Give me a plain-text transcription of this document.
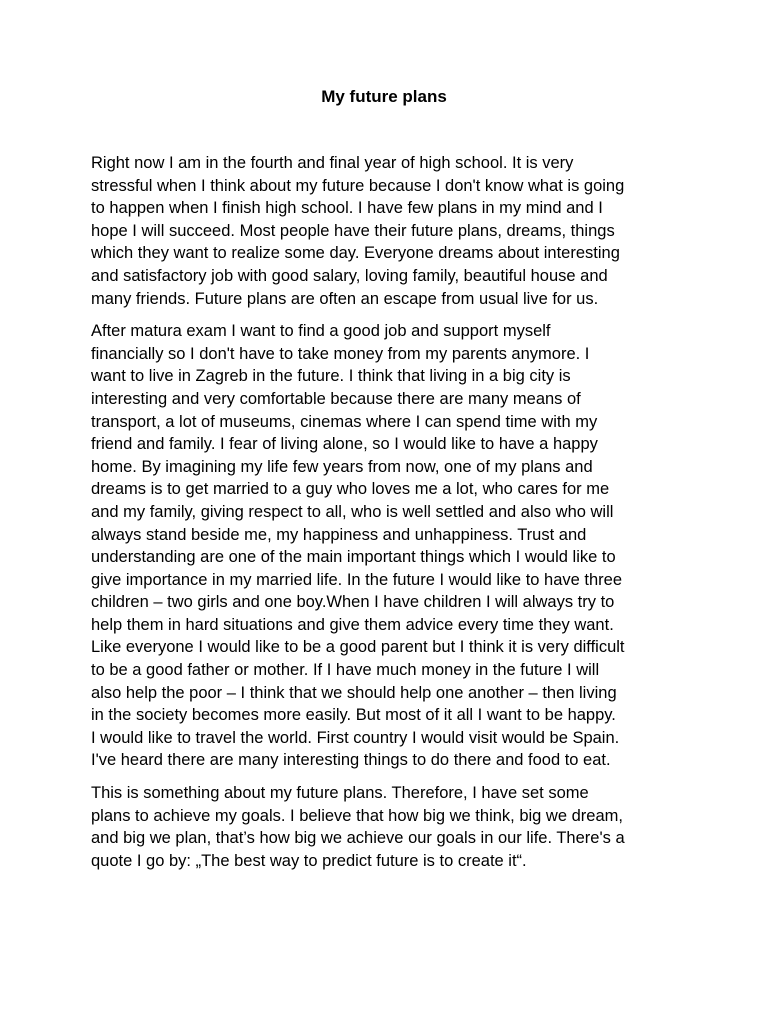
My future plans
Right now I am in the fourth and final year of high school. It is very
stressful when I think about my future because I don't know what is going
to happen when I finish high school. I have few plans in my mind and I
hope I will succeed. Most people have their future plans, dreams, things
which they want to realize some day. Everyone dreams about interesting
and satisfactory job with good salary, loving family, beautiful house and
many friends. Future plans are often an escape from usual live for us.
After matura exam I want to find a good job and support myself
financially so I don't have to take money from my parents anymore. I
want to live in Zagreb in the future. I think that living in a big city is
interesting and very comfortable because there are many means of
transport, a lot of museums, cinemas where I can spend time with my
friend and family. I fear of living alone, so I would like to have a happy
home. By imagining my life few years from now, one of my plans and
dreams is to get married to a guy who loves me a lot, who cares for me
and my family, giving respect to all, who is well settled and also who will
always stand beside me, my happiness and unhappiness. Trust and
understanding are one of the main important things which I would like to
give importance in my married life. In the future I would like to have three
children – two girls and one boy.When I have children I will always try to
help them in hard situations and give them advice every time they want.
Like everyone I would like to be a good parent but I think it is very difficult
to be a good father or mother. If I have much money in the future I will
also help the poor – I think that we should help one another – then living
in the society becomes more easily. But most of it all I want to be happy.
I would like to travel the world. First country I would visit would be Spain.
I've heard there are many interesting things to do there and food to eat.
This is something about my future plans. Therefore, I have set some
plans to achieve my goals. I believe that how big we think, big we dream,
and big we plan, that’s how big we achieve our goals in our life. There's a
quote I go by: „The best way to predict future is to create it“.
